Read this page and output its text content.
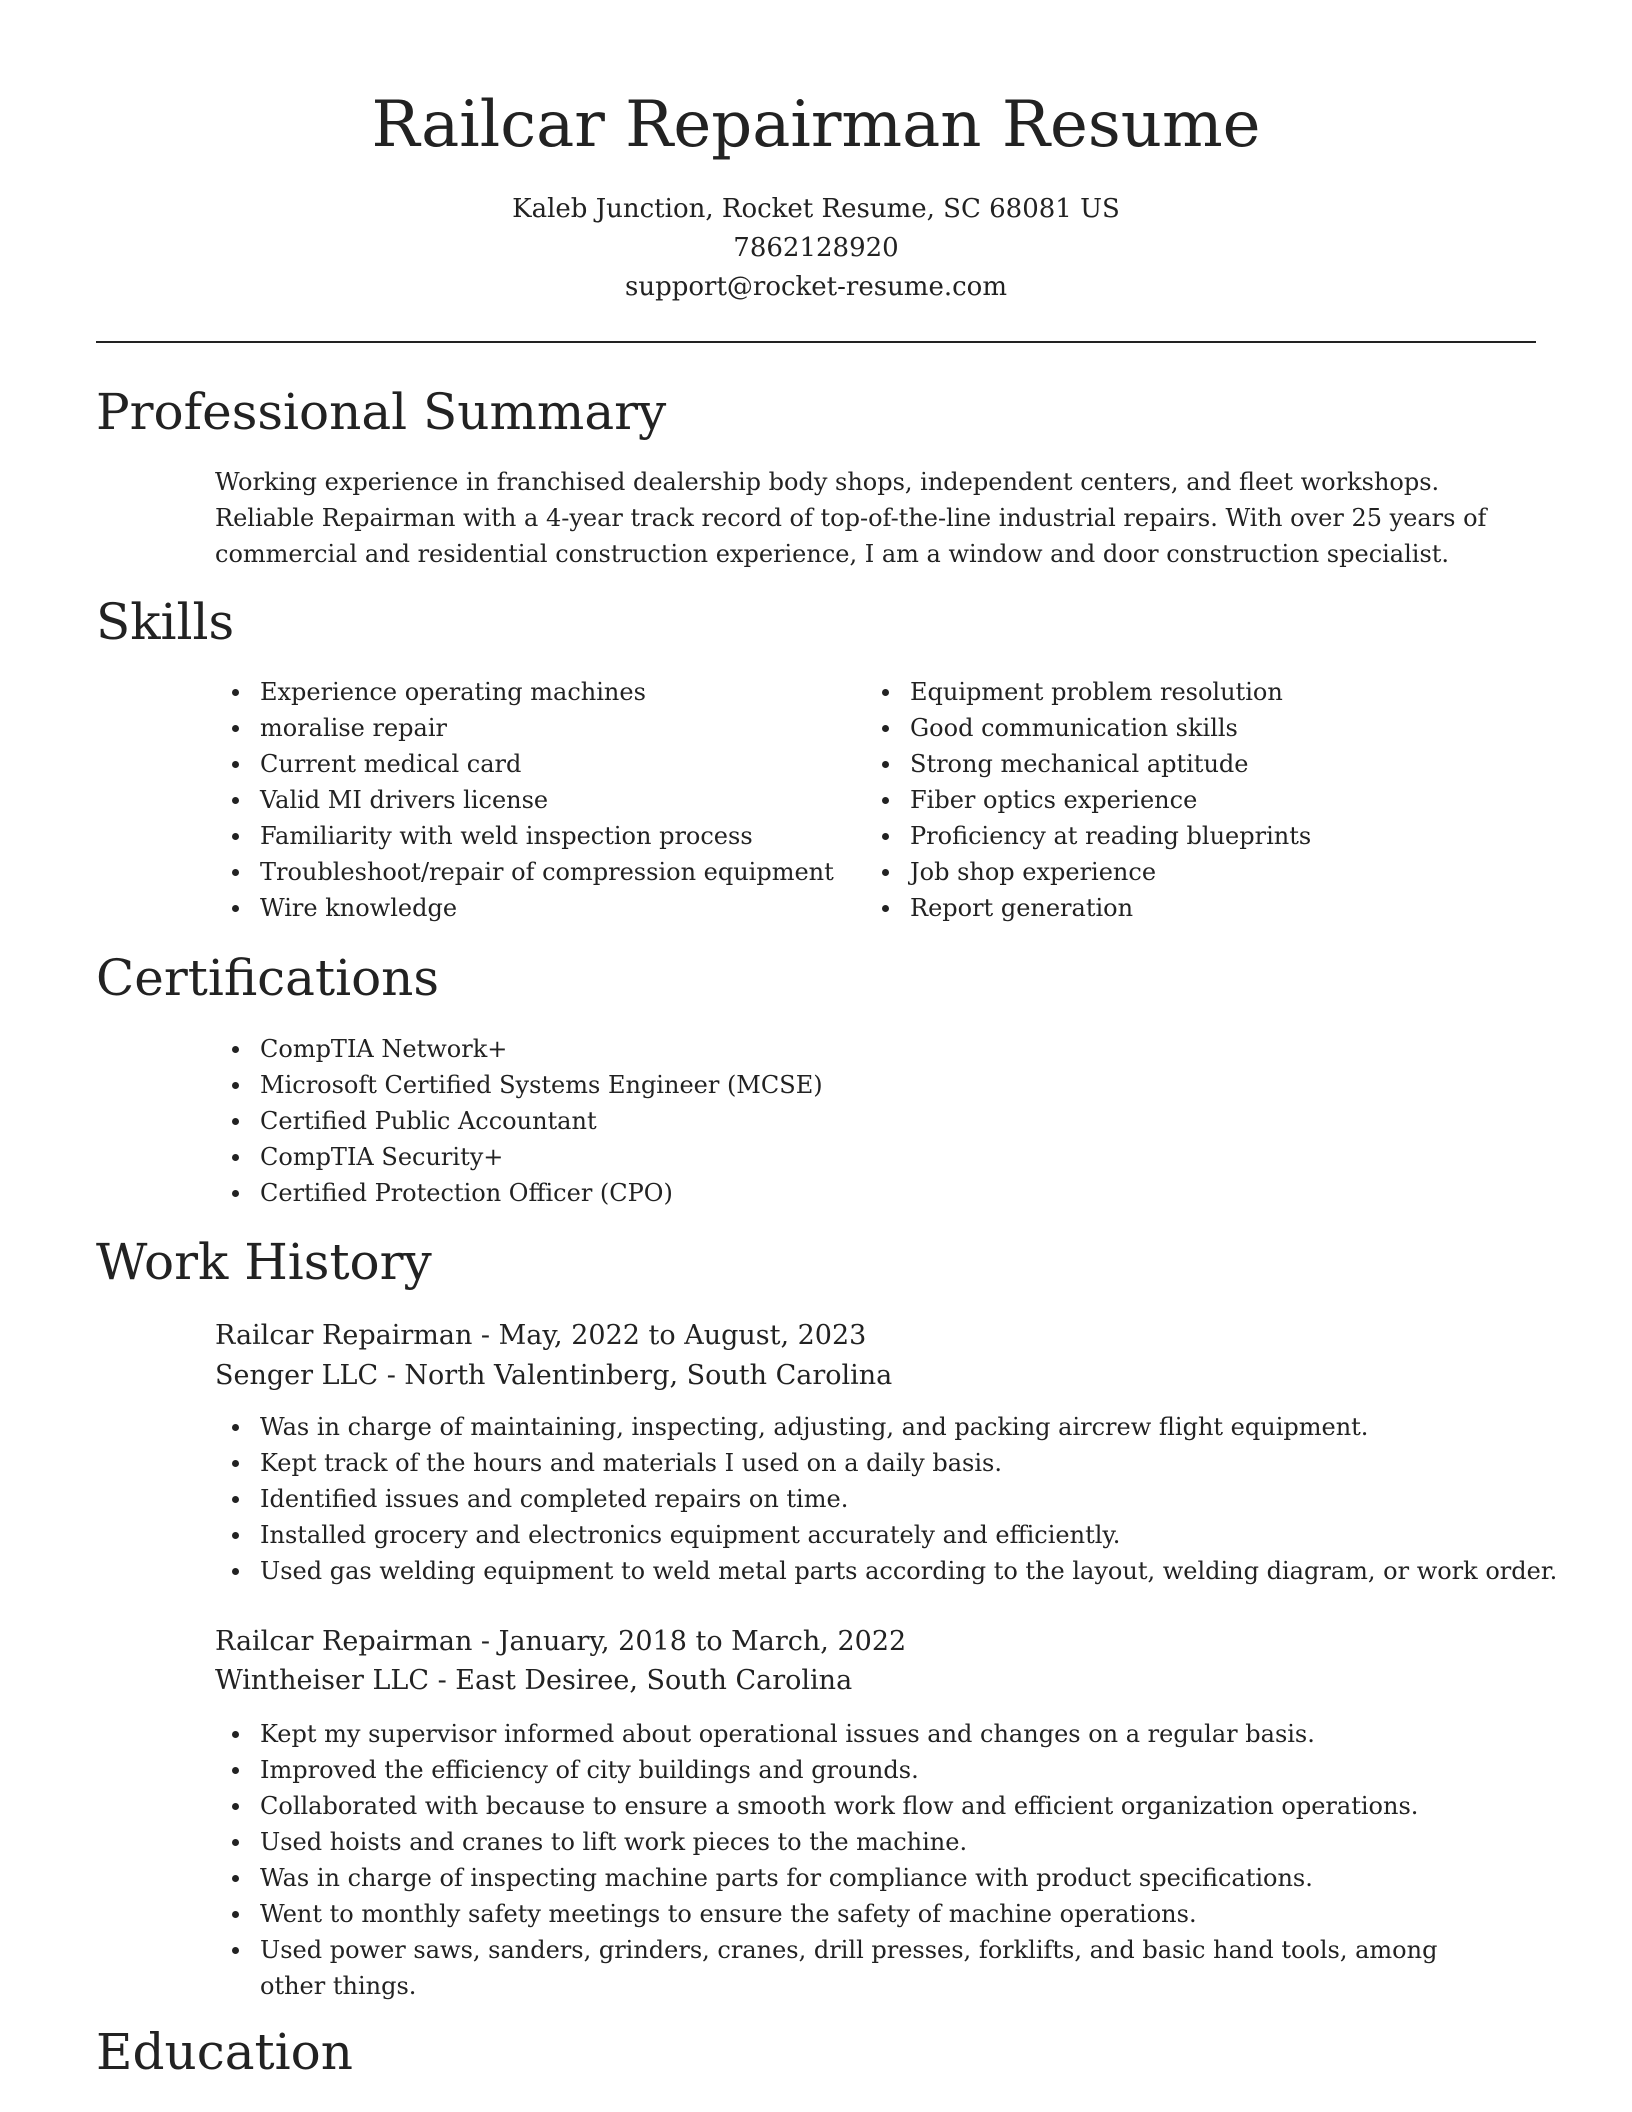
Railcar Repairman Resume
Kaleb Junction, Rocket Resume, SC 68081 US
7862128920
support@rocket-resume.com
Professional Summary

Working experience in franchised dealership body shops, independent centers, and fleet workshops. Reliable Repairman with a 4-year track record of top-of-the-line industrial repairs. With over 25 years of commercial and residential construction experience, I am a window and door construction specialist.

Skills
Experience operating machines
moralise repair
Current medical card
Valid MI drivers license
Familiarity with weld inspection process
Troubleshoot/repair of compression equipment
Wire knowledge
Equipment problem resolution
Good communication skills
Strong mechanical aptitude
Fiber optics experience
Proficiency at reading blueprints
Job shop experience
Report generation
Certifications
CompTIA Network+
Microsoft Certified Systems Engineer (MCSE)
Certified Public Accountant
CompTIA Security+
Certified Protection Officer (CPO)
Work History
Railcar Repairman - May, 2022 to August, 2023
Senger LLC - North Valentinberg, South Carolina
Was in charge of maintaining, inspecting, adjusting, and packing aircrew flight equipment.
Kept track of the hours and materials I used on a daily basis.
Identified issues and completed repairs on time.
Installed grocery and electronics equipment accurately and efficiently.
Used gas welding equipment to weld metal parts according to the layout, welding diagram, or work order.
Railcar Repairman - January, 2018 to March, 2022
Wintheiser LLC - East Desiree, South Carolina
Kept my supervisor informed about operational issues and changes on a regular basis.
Improved the efficiency of city buildings and grounds.
Collaborated with because to ensure a smooth work flow and efficient organization operations.
Used hoists and cranes to lift work pieces to the machine.
Was in charge of inspecting machine parts for compliance with product specifications.
Went to monthly safety meetings to ensure the safety of machine operations.
Used power saws, sanders, grinders, cranes, drill presses, forklifts, and basic hand tools, among other things.
Education
